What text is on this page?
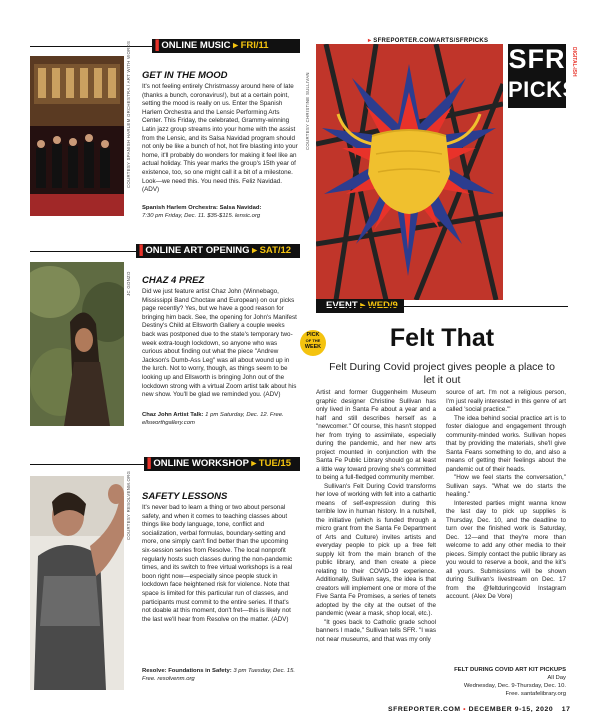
▸ SFREPORTER.COM/ARTS/SFRPICKS
SFR
PICKS
DIGITAL-ISH
▐ ONLINE MUSIC ▸ FRI/11
COURTESY SPANISH HARLEM ORCHESTRA / ART WITH WORDS GET IN THE MOOD
It's not feeling entirely Christmassy around here of late (thanks a bunch, coronavirus!), but at a certain point, setting the mood is really on us. Enter the Spanish Harlem Orchestra and the Lensic Performing Arts Center. This Friday, the celebrated, Grammy-winning Latin jazz group streams into your home with the assist from the Lensic, and its Salsa Navidad program should not only be like a bunch of hot, hot fire blasting into your home, it'll probably do wonders for making it feel like an actual holiday. This year marks the group's 15th year of existence, too, so one might call it a bit of a milestone. Look—we need this. You need this. Feliz Navidad. (ADV)
Spanish Harlem Orchestra: Salsa Navidad:
7:30 pm Friday, Dec. 11. $35-$115. lensic.org
▐ ONLINE ART OPENING ▸ SAT/12
JC GONZO CHAZ 4 PREZ
Did we just feature artist Chaz John (Winnebago, Mississippi Band Choctaw and European) on our picks page recently? Yes, but we have a good reason for bringing him back. See, the opening for John's Manifest Destiny's Child at Ellsworth Gallery a couple weeks back was postponed due to the state's temporary two-week extra-tough lockdown, so anyone who was curious about finding out what the piece "Andrew Jackson's Dumb-Ass Leg" was all about wound up in the lurch. Not to worry, though, as things seem to be looking up and Ellsworth is bringing John out of the lockdown strong with a virtual Zoom artist talk about his new show. You'll be glad we reminded you. (ADV)
Chaz John Artist Talk: 1 pm Saturday, Dec. 12. Free. ellsworthgallery.com
▐ ONLINE WORKSHOP ▸ TUE/15
COURTESY RESOLVENM.ORG SAFETY LESSONS
It's never bad to learn a thing or two about personal safety, and when it comes to teaching classes about things like body language, tone, conflict and socialization, verbal formulas, boundary-setting and more, one simply can't find better than the upcoming six-session series from Resolve. The local nonprofit regularly hosts such classes during the non-pandemic times, and its switch to free virtual workshops is a real boon right now—especially since people stuck in lockdown face heightened risk for violence. Note that space is limited for this particular run of classes, and participants must commit to the entire series. If that's not doable at this moment, don't fret—this is likely not the last we'll hear from Resolve on the matter. (ADV)
Resolve: Foundations in Safety: 3 pm Tuesday, Dec. 15. Free. resolvenm.org
COURTESY CHRISTINE SULLIVAN
PICK
OF THE
WEEK	Felt That
Felt During Covid project gives people a place to let it out

Artist and former Guggenheim Museum graphic designer Christine Sullivan has only lived in Santa Fe about a year and a half and still describes herself as a "newcomer." Of course, this hasn't stopped her from trying to assimilate, especially during the pandemic, and her new arts project mounted in conjunction with the Santa Fe Public Library should go at least a little way toward proving she's committed to being a full-fledged community member.

Sullivan's Felt During Covid transforms her love of working with felt into a cathartic means of self-expression during this terrible low in human history. In a nutshell, the initiative (which is funded through a micro grant from the Santa Fe Department of Arts and Culture) invites artists and everyday people to pick up a free felt supply kit from the main branch of the public library, and then create a piece relating to their COVID-19 experience. Additionally, Sullivan says, the idea is that creators will implement one or more of the Five Santa Fe Promises, a series of tenets adopted by the city at the outset of the pandemic (wear a mask, shop local, etc.).

"It goes back to Catholic grade school banners I made," Sullivan tells SFR. "I was not near museums, and that was my only

source of art. I'm not a religious person, I'm just really interested in this genre of art called 'social practice.'"

The idea behind social practice art is to foster dialogue and engagement through community-minded works. Sullivan hopes that by providing the materials, she'll give Santa Feans something to do, and also a means of getting their feelings about the pandemic out of their heads.

"How we feel starts the conversation," Sullivan says. "What we do starts the healing."

Interested parties might wanna know the last day to pick up supplies is Thursday, Dec. 10, and the deadline to turn over the finished work is Saturday, Dec. 12—and that they're more than welcome to add any other media to their pieces. Simply contact the public library as you would to reserve a book, and the kit's all yours. Submissions will be shown during Sullivan's livestream on Dec. 17 from the @feltduringcovid Instagram account. (Alex De Vore)

FELT DURING COVID ART KIT PICKUPS
All Day
Wednesday, Dec. 9-Thursday, Dec. 10.
Free. santafelibrary.org
SFREPORTER.COM • DECEMBER 9-15, 2020 17
